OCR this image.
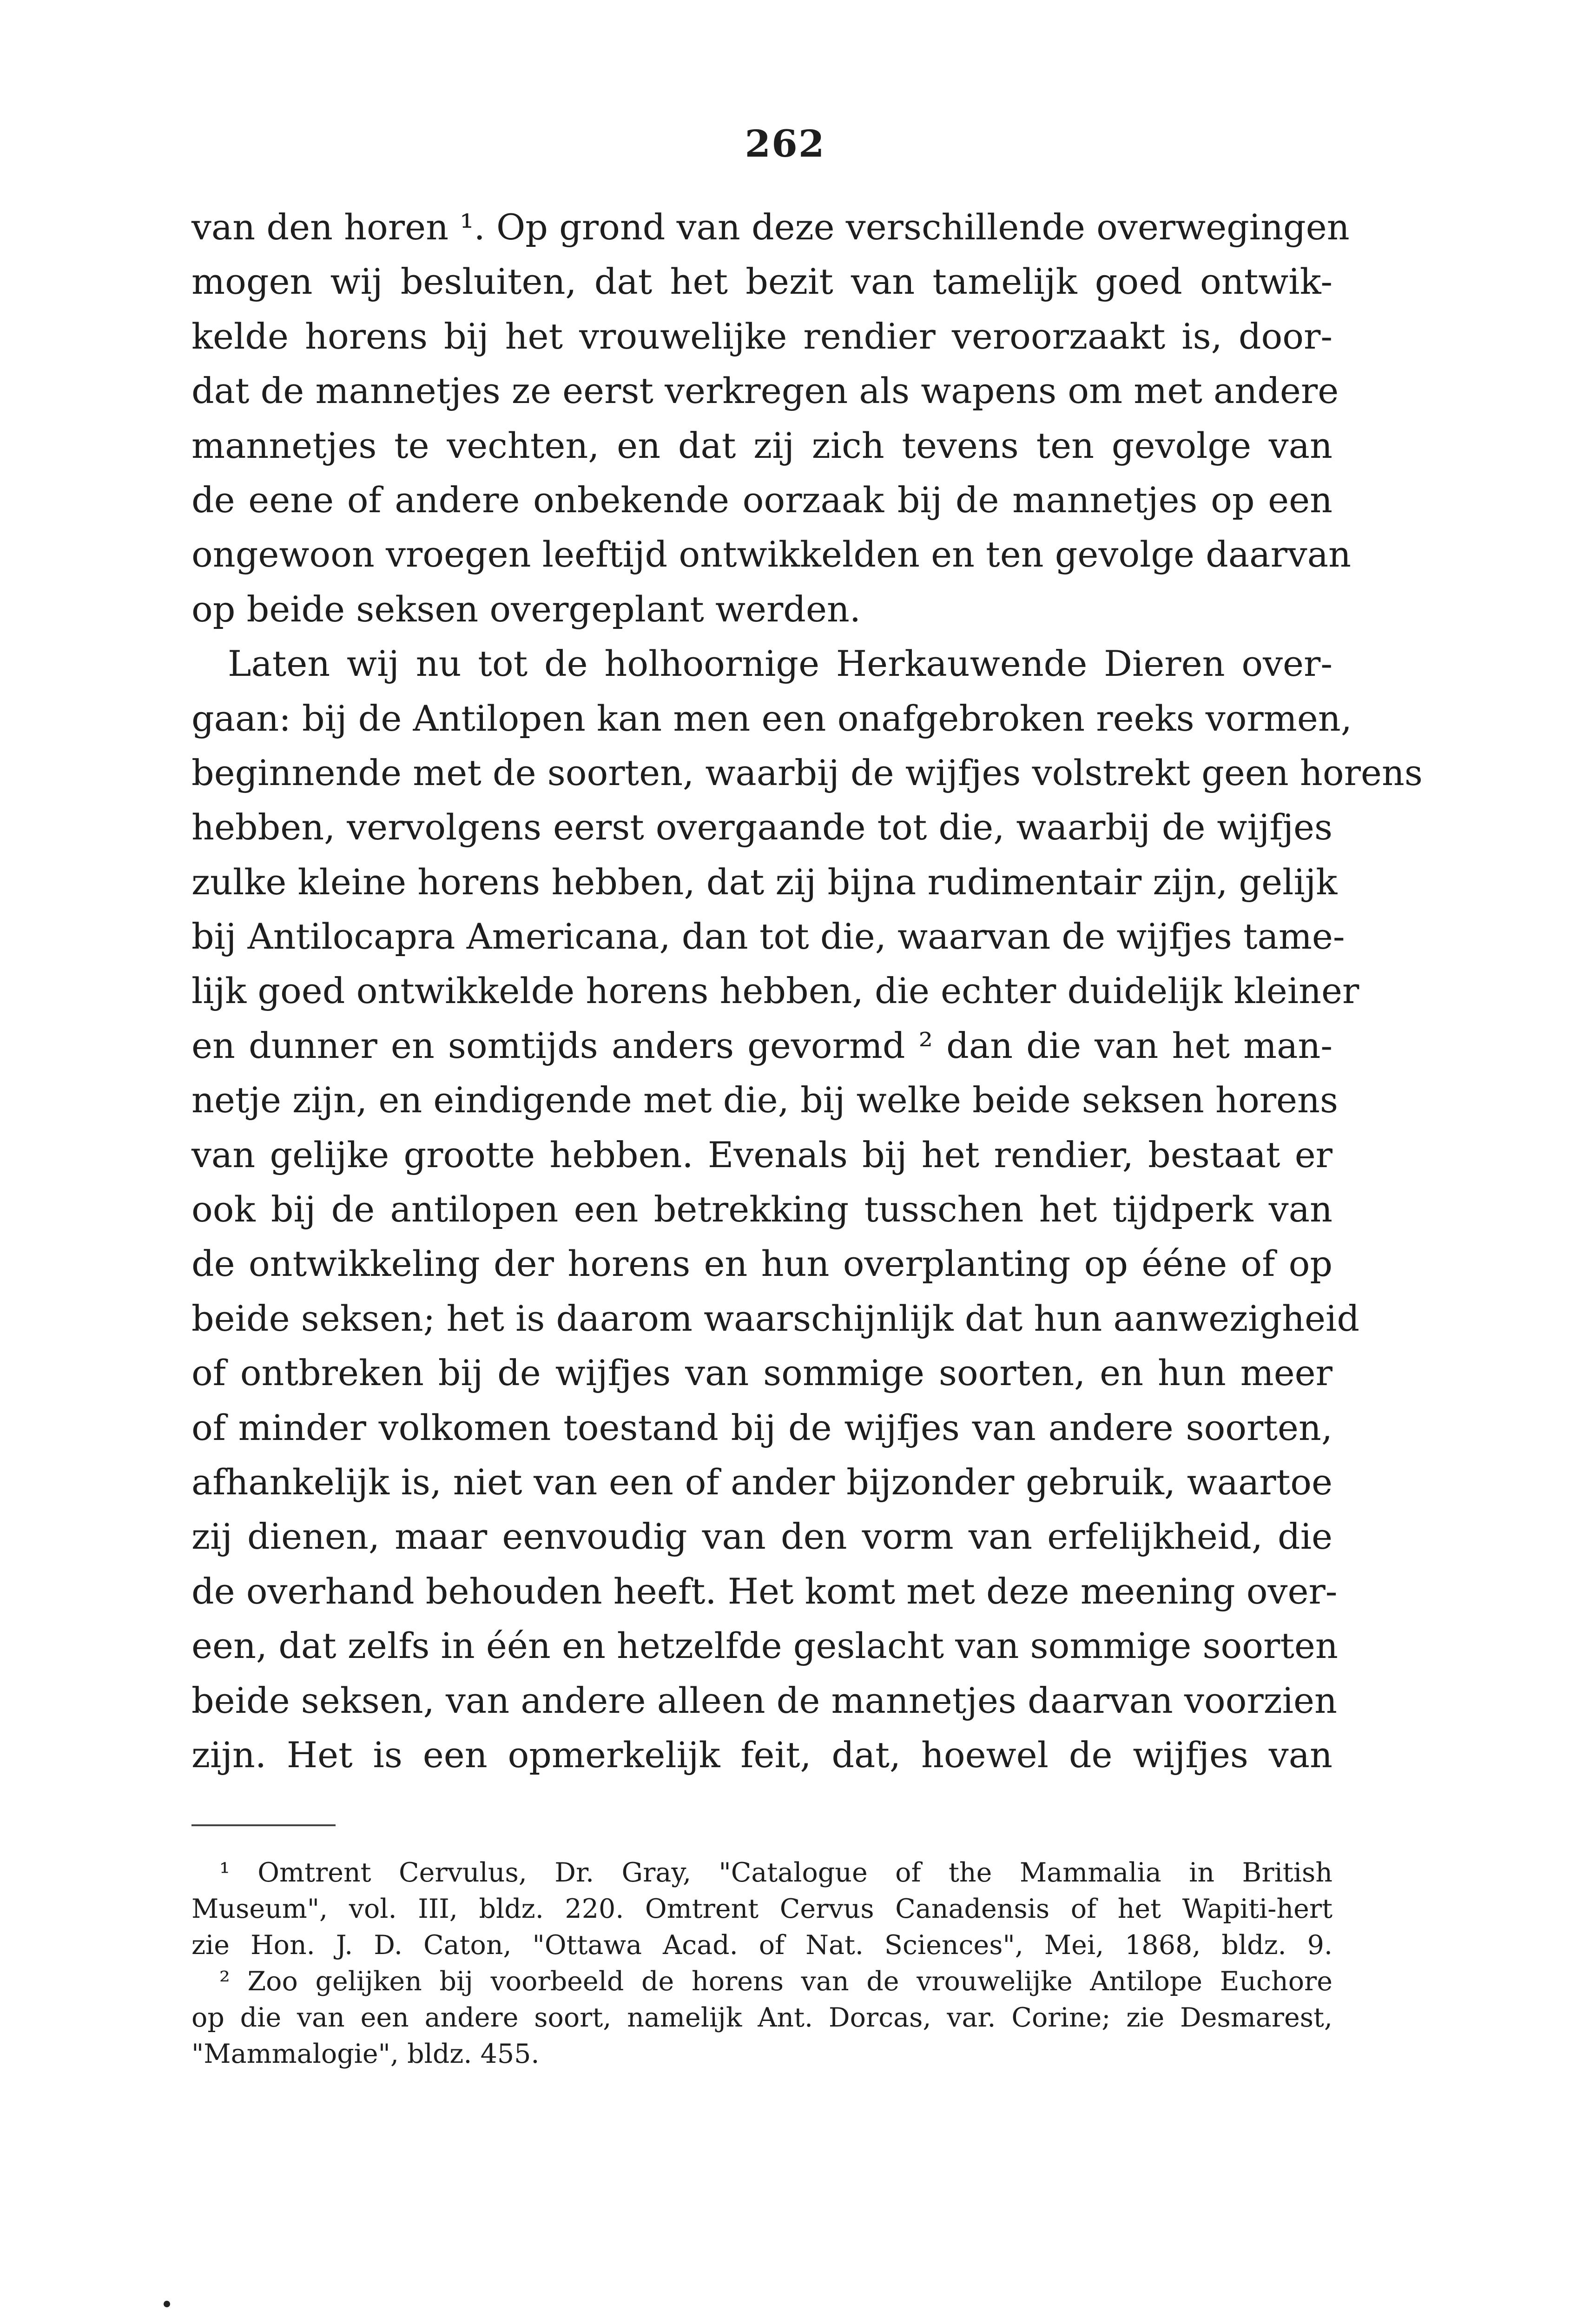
262
van den horen ¹. Op grond van deze verschillende overwegingen
mogen wij besluiten, dat het bezit van tamelijk goed ontwik-
kelde horens bij het vrouwelijke rendier veroorzaakt is, door-
dat de mannetjes ze eerst verkregen als wapens om met andere
mannetjes te vechten, en dat zij zich tevens ten gevolge van
de eene of andere onbekende oorzaak bij de mannetjes op een
ongewoon vroegen leeftijd ontwikkelden en ten gevolge daarvan
op beide seksen overgeplant werden.
Laten wij nu tot de holhoornige Herkauwende Dieren over-
gaan: bij de Antilopen kan men een onafgebroken reeks vormen,
beginnende met de soorten, waarbij de wijfjes volstrekt geen horens
hebben, vervolgens eerst overgaande tot die, waarbij de wijfjes
zulke kleine horens hebben, dat zij bijna rudimentair zijn, gelijk
bij Antilocapra Americana, dan tot die, waarvan de wijfjes tame-
lijk goed ontwikkelde horens hebben, die echter duidelijk kleiner
en dunner en somtijds anders gevormd ² dan die van het man-
netje zijn, en eindigende met die, bij welke beide seksen horens
van gelijke grootte hebben. Evenals bij het rendier, bestaat er
ook bij de antilopen een betrekking tusschen het tijdperk van
de ontwikkeling der horens en hun overplanting op ééne of op
beide seksen; het is daarom waarschijnlijk dat hun aanwezigheid
of ontbreken bij de wijfjes van sommige soorten, en hun meer
of minder volkomen toestand bij de wijfjes van andere soorten,
afhankelijk is, niet van een of ander bijzonder gebruik, waartoe
zij dienen, maar eenvoudig van den vorm van erfelijkheid, die
de overhand behouden heeft. Het komt met deze meening over-
een, dat zelfs in één en hetzelfde geslacht van sommige soorten
beide seksen, van andere alleen de mannetjes daarvan voorzien
zijn. Het is een opmerkelijk feit, dat, hoewel de wijfjes van
¹ Omtrent Cervulus, Dr. Gray, "Catalogue of the Mammalia in British
Museum", vol. III, bldz. 220. Omtrent Cervus Canadensis of het Wapiti-hert
zie Hon. J. D. Caton, "Ottawa Acad. of Nat. Sciences", Mei, 1868, bldz. 9.
² Zoo gelijken bij voorbeeld de horens van de vrouwelijke Antilope Euchore
op die van een andere soort, namelijk Ant. Dorcas, var. Corine; zie Desmarest,
"Mammalogie", bldz. 455.
